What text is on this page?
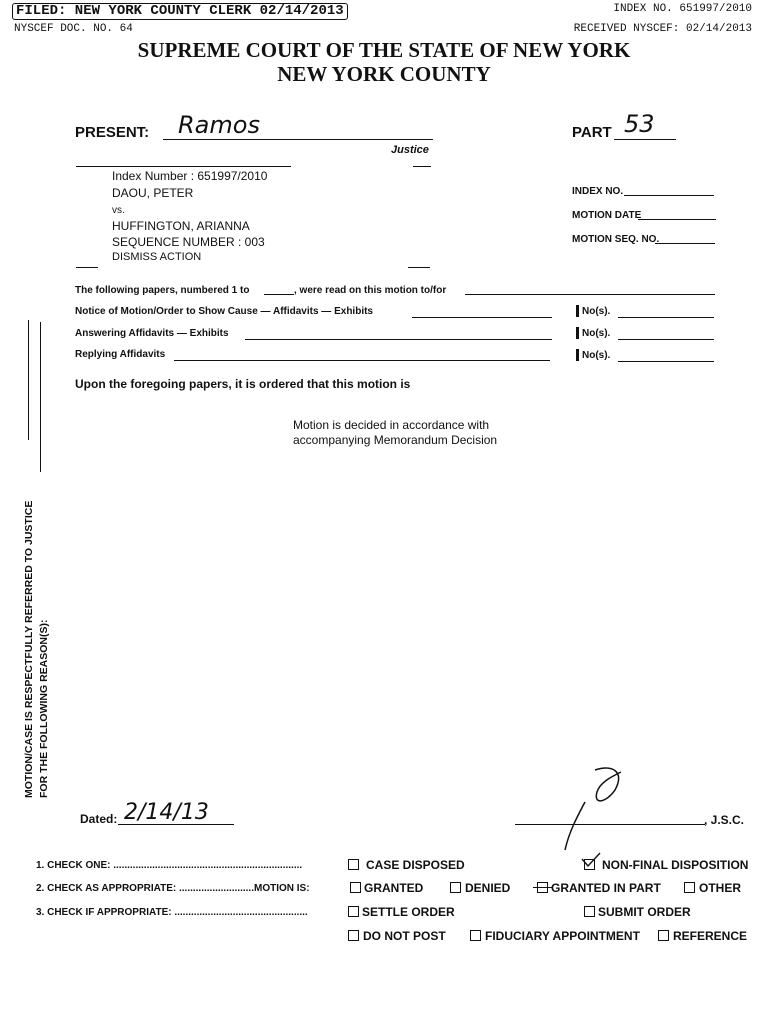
FILED: NEW YORK COUNTY CLERK 02/14/2013	INDEX NO. 651997/2010
NYSCEF DOC. NO. 64	RECEIVED NYSCEF: 02/14/2013
SUPREME COURT OF THE STATE OF NEW YORK
NEW YORK COUNTY
PRESENT: Ramos
Justice
PART 53
Index Number : 651997/2010
DAOU, PETER
vs.
HUFFINGTON, ARIANNA
SEQUENCE NUMBER : 003
DISMISS ACTION
INDEX NO.
MOTION DATE
MOTION SEQ. NO.
The following papers, numbered 1 to	, were read on this motion to/for
Notice of Motion/Order to Show Cause — Affidavits — Exhibits	No(s).
Answering Affidavits — Exhibits	No(s).
Replying Affidavits	No(s).
Upon the foregoing papers, it is ordered that this motion is
Motion is decided in accordance with
accompanying Memorandum Decision
MOTION/CASE IS RESPECTFULLY REFERRED TO JUSTICE FOR THE FOLLOWING REASON(S):
Dated: 2/14/13	, J.S.C.
1. CHECK ONE: ....................................................................	CASE DISPOSED	NON-FINAL DISPOSITION
2. CHECK AS APPROPRIATE: ...........................MOTION IS:	GRANTED	DENIED	GRANTED IN PART	OTHER
3. CHECK IF APPROPRIATE: ................................................	SETTLE ORDER	SUBMIT ORDER
DO NOT POST	FIDUCIARY APPOINTMENT	REFERENCE
